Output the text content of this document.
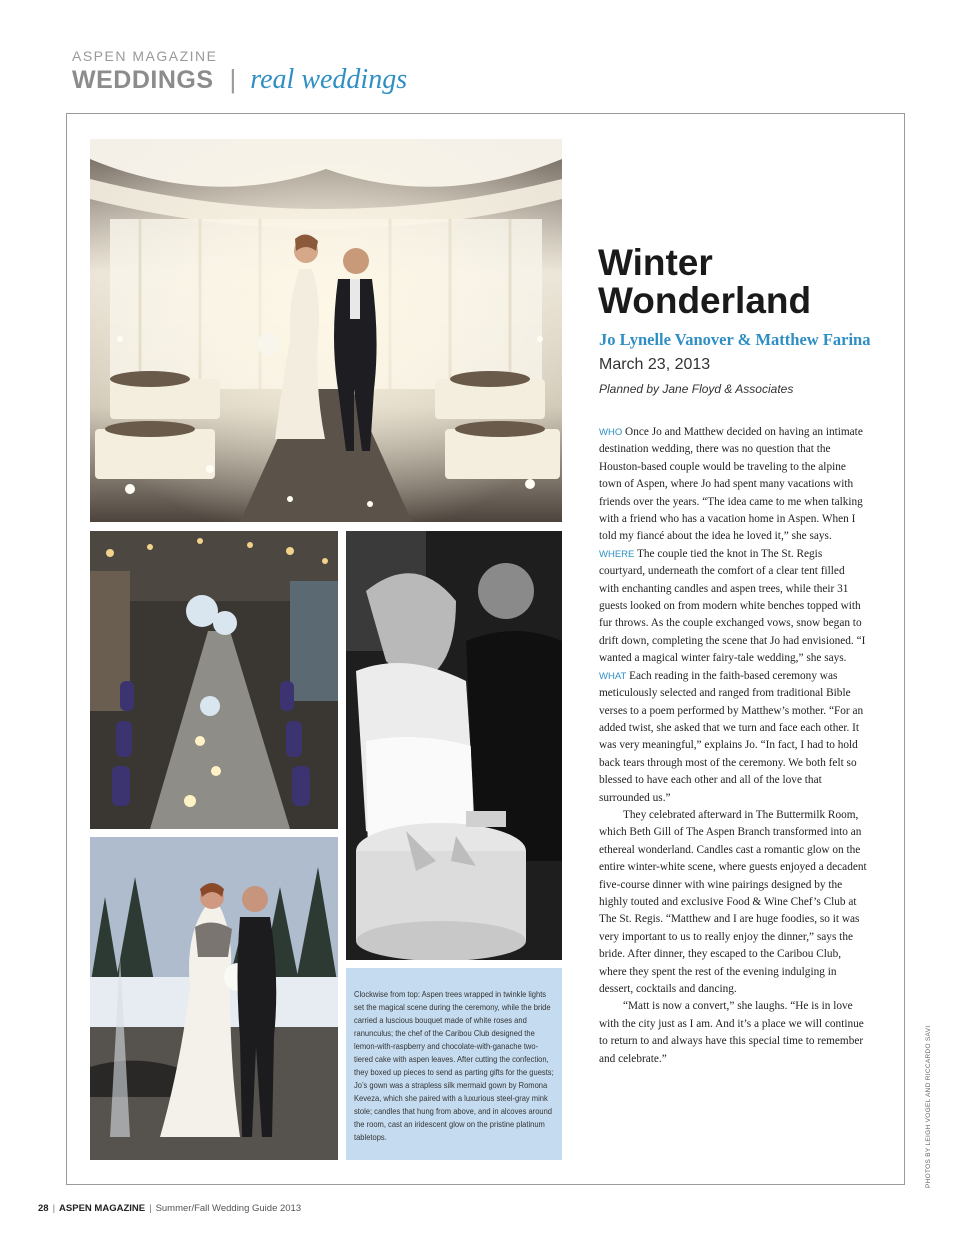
ASPEN MAGAZINE
WEDDINGS | real weddings
Clockwise from top: Aspen trees wrapped in twinkle lights set the magical scene during the ceremony, while the bride carried a luscious bouquet made of white roses and ranunculus; the chef of the Caribou Club designed the lemon-with-raspberry and chocolate-with-ganache two-tiered cake with aspen leaves. After cutting the confection, they boxed up pieces to send as parting gifts for the guests; Jo’s gown was a strapless silk mermaid gown by Romona Keveza, which she paired with a luxurious steel-gray mink stole; candles that hung from above, and in alcoves around the room, cast an iridescent glow on the pristine platinum tabletops.
Winter
Wonderland
Jo Lynelle Vanover & Matthew Farina
March 23, 2013
Planned by Jane Floyd & Associates

WHO Once Jo and Matthew decided on having an intimate destination wedding, there was no question that the Houston-based couple would be traveling to the alpine town of Aspen, where Jo had spent many vacations with friends over the years. “The idea came to me when talking with a friend who has a vacation home in Aspen. When I told my fiancé about the idea he loved it,” she says.

WHERE The couple tied the knot in The St. Regis courtyard, underneath the comfort of a clear tent filled with enchanting candles and aspen trees, while their 31 guests looked on from modern white benches topped with fur throws. As the couple exchanged vows, snow began to drift down, completing the scene that Jo had envisioned. “I wanted a magical winter fairy-tale wedding,” she says.

WHAT Each reading in the faith-based ceremony was meticulously selected and ranged from traditional Bible verses to a poem performed by Matthew’s mother. “For an added twist, she asked that we turn and face each other. It was very meaningful,” explains Jo. “In fact, I had to hold back tears through most of the ceremony. We both felt so blessed to have each other and all of the love that surrounded us.”

They celebrated afterward in The Buttermilk Room, which Beth Gill of The Aspen Branch transformed into an ethereal wonderland. Candles cast a romantic glow on the entire winter-white scene, where guests enjoyed a decadent five-course dinner with wine pairings designed by the highly touted and exclusive Food & Wine Chef’s Club at The St. Regis. “Matthew and I are huge foodies, so it was very important to us to really enjoy the dinner,” says the bride. After dinner, they escaped to the Caribou Club, where they spent the rest of the evening indulging in dessert, cocktails and dancing.

“Matt is now a convert,” she laughs. “He is in love with the city just as I am. And it’s a place we will continue to return to and always have this special time to remember and celebrate.”	PHOTOS BY LEIGH VOGEL AND RICCARDO SAVI
28 | ASPEN MAGAZINE | Summer/Fall Wedding Guide 2013
